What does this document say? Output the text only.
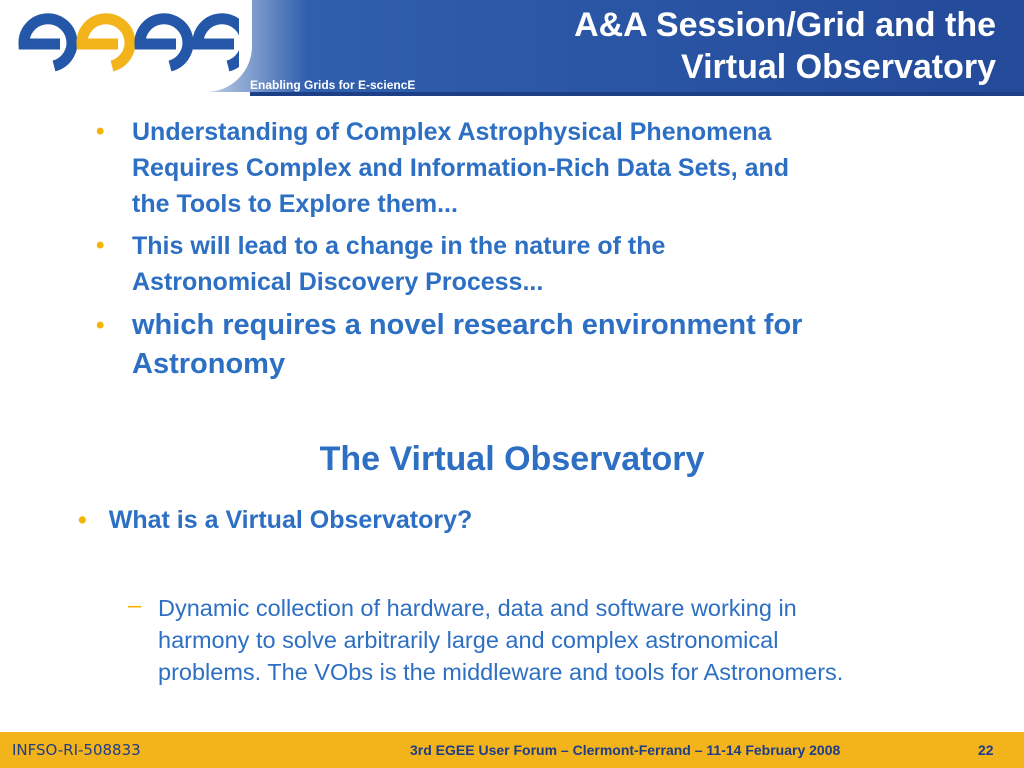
Enabling Grids for E-sciencE
A&A Session/Grid and the
Virtual Observatory
• Understanding of Complex Astrophysical Phenomena
Requires Complex and Information-Rich Data Sets, and
the Tools to Explore them...
• This will lead to a change in the nature of the
Astronomical Discovery Process...
• which requires a novel research environment for
Astronomy
The Virtual Observatory
• What is a Virtual Observatory?
– Dynamic collection of hardware, data and software working in
harmony to solve arbitrarily large and complex astronomical
problems. The VObs is the middleware and tools for Astronomers.
INFSO-RI-508833	3rd EGEE User Forum – Clermont-Ferrand – 11-14 February 2008	22
